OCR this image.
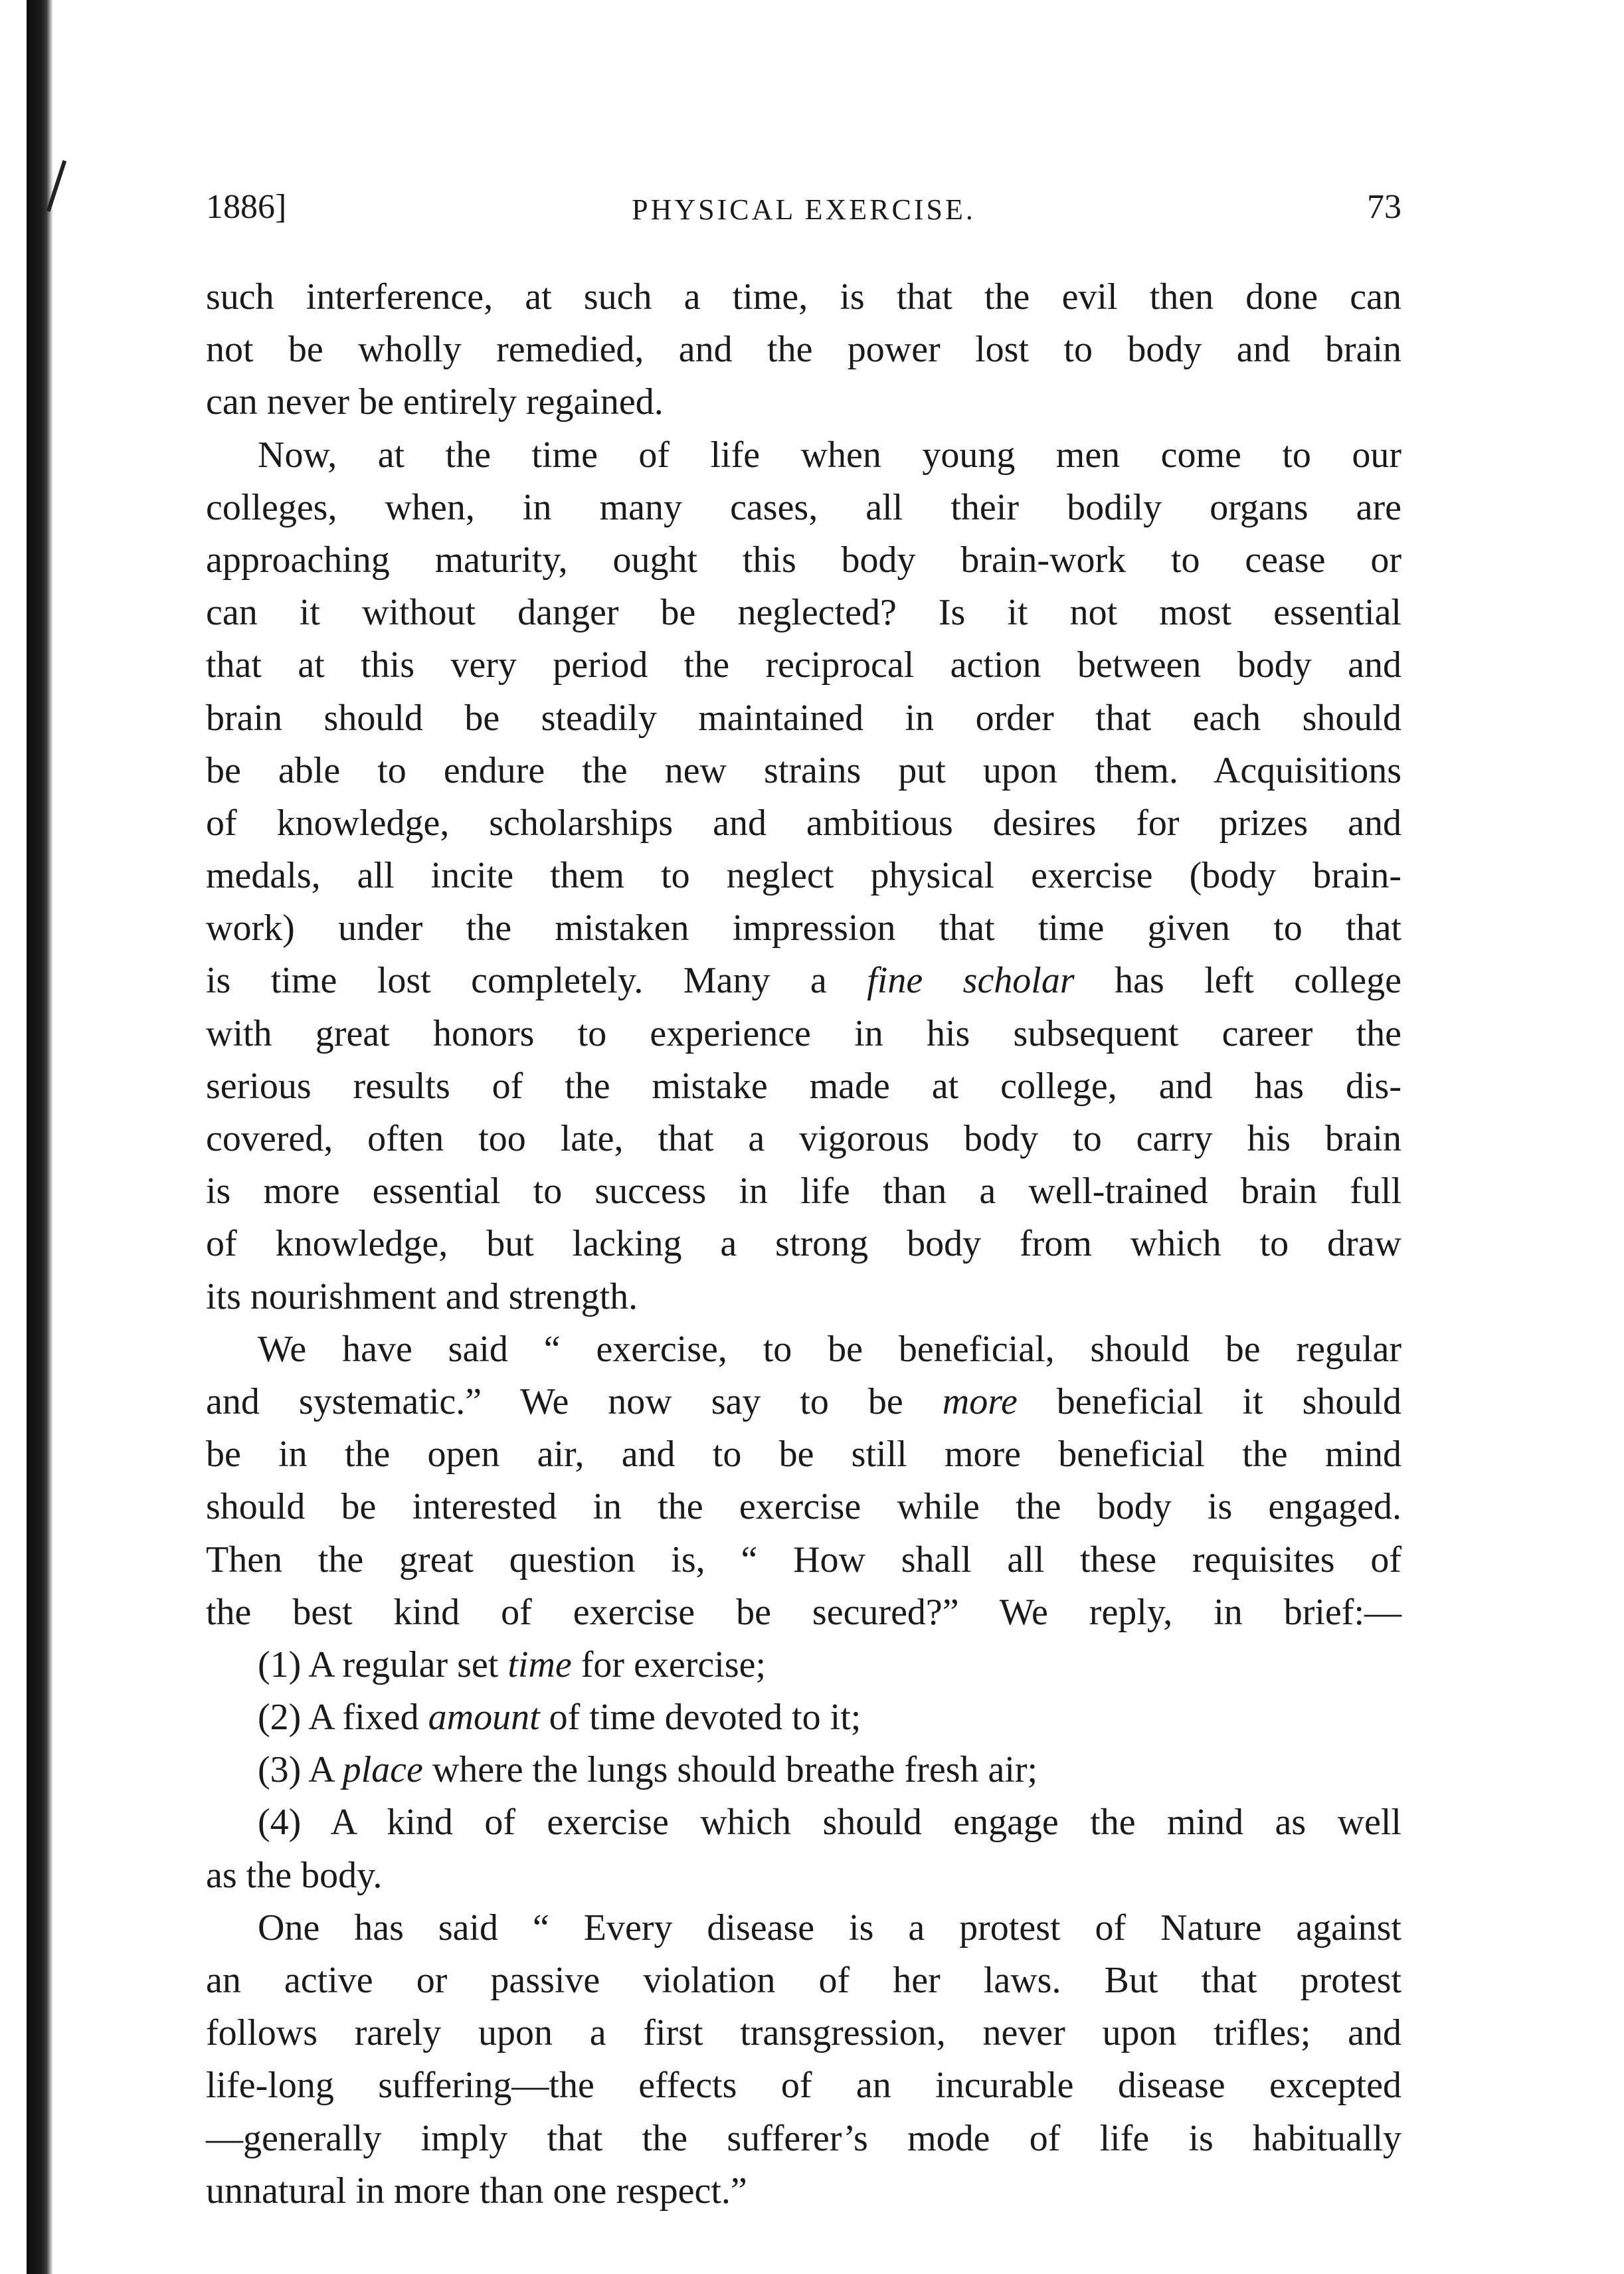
1886]	PHYSICAL EXERCISE.	73
such interference, at such a time, is that the evil then done can
not be wholly remedied, and the power lost to body and brain
can never be entirely regained.
Now, at the time of life when young men come to our
colleges, when, in many cases, all their bodily organs are
approaching maturity, ought this body brain-work to cease or
can it without danger be neglected? Is it not most essential
that at this very period the reciprocal action between body and
brain should be steadily maintained in order that each should
be able to endure the new strains put upon them. Acquisitions
of knowledge, scholarships and ambitious desires for prizes and
medals, all incite them to neglect physical exercise (body brain-
work) under the mistaken impression that time given to that
is time lost completely. Many a fine scholar has left college
with great honors to experience in his subsequent career the
serious results of the mistake made at college, and has dis-
covered, often too late, that a vigorous body to carry his brain
is more essential to success in life than a well-trained brain full
of knowledge, but lacking a strong body from which to draw
its nourishment and strength.
We have said “ exercise, to be beneficial, should be regular
and systematic.” We now say to be more beneficial it should
be in the open air, and to be still more beneficial the mind
should be interested in the exercise while the body is engaged.
Then the great question is, “ How shall all these requisites of
the best kind of exercise be secured?” We reply, in brief:—
(1) A regular set time for exercise;
(2) A fixed amount of time devoted to it;
(3) A place where the lungs should breathe fresh air;
(4) A kind of exercise which should engage the mind as well
as the body.
One has said “ Every disease is a protest of Nature against
an active or passive violation of her laws. But that protest
follows rarely upon a first transgression, never upon trifles; and
life-long suffering—the effects of an incurable disease excepted
—generally imply that the sufferer’s mode of life is habitually
unnatural in more than one respect.”
